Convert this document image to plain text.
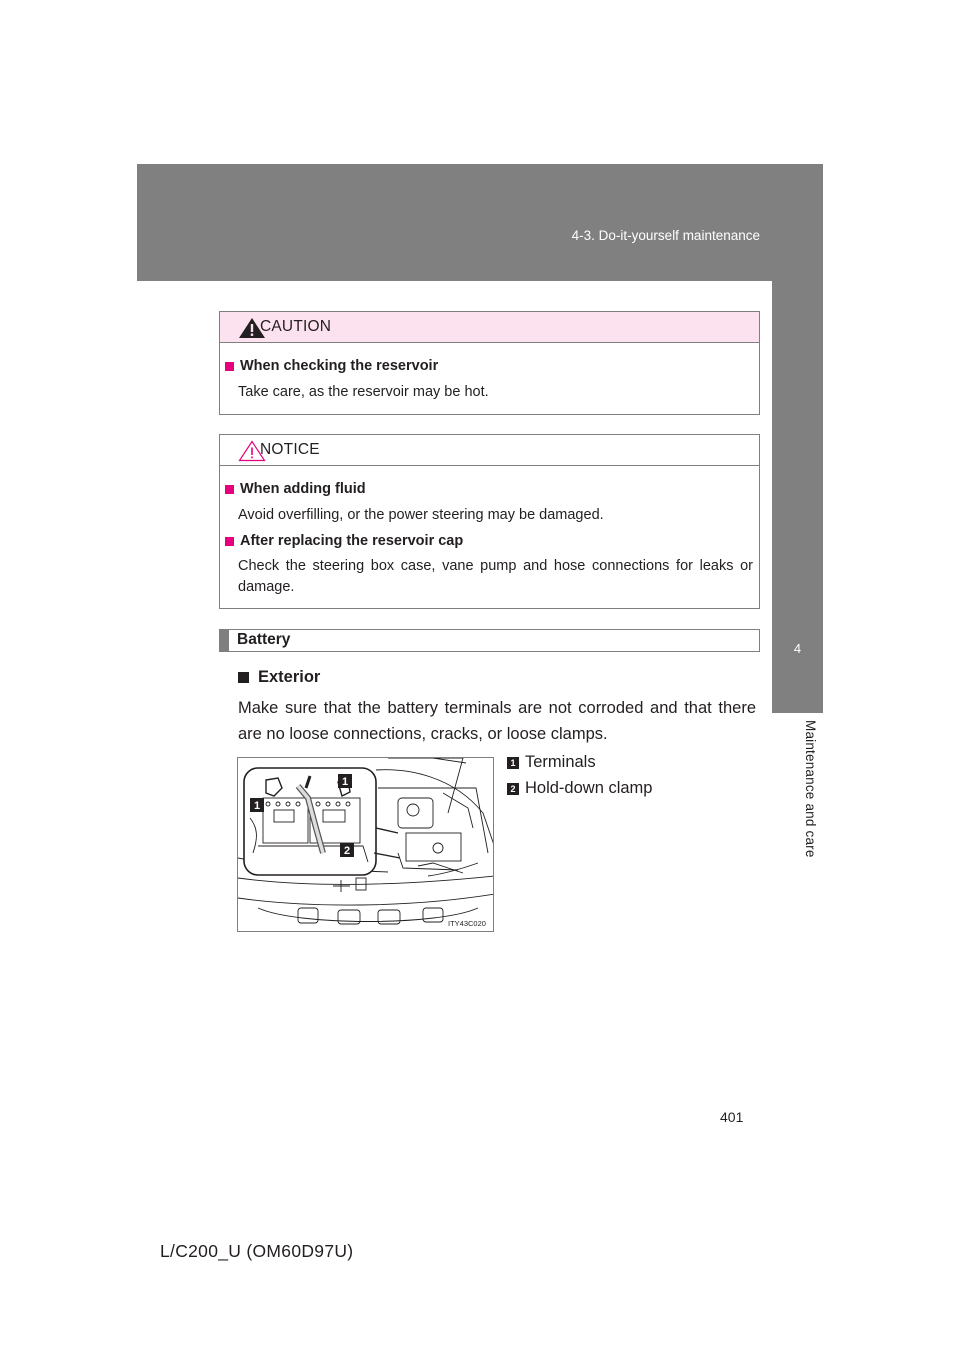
4-3. Do-it-yourself maintenance
4
Maintenance and care
CAUTION
When checking the reservoir
Take care, as the reservoir may be hot.
NOTICE
When adding fluid
Avoid overfilling, or the power steering may be damaged.
After replacing the reservoir cap
Check the steering box case, vane pump and hose connections for leaks or damage.
Battery
Exterior
Make sure that the battery terminals are not corroded and that there are no loose connections, cracks, or loose clamps.
1
1
2
ITY43C020
1 Terminals
2 Hold-down clamp
401
L/C200_U (OM60D97U)
